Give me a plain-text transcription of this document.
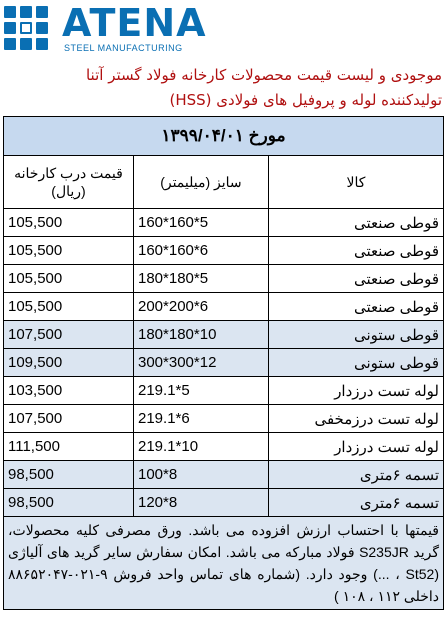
ATENA
STEEL MANUFACTURING
موجودی و لیست قیمت محصولات کارخانه فولاد گستر آتنا
تولیدکننده لوله و پروفیل های فولادی (HSS)
مورخ ۱۳۹۹/۰۴/۰۱		
کالا	سایز (میلیمتر)	قیمت درب کارخانه
(ریال)

قوطی صنعتی	160*160*5	105,500
قوطی صنعتی	160*160*6	105,500
قوطی صنعتی	180*180*5	105,500
قوطی صنعتی	200*200*6	105,500
قوطی ستونی	180*180*10	107,500
قوطی ستونی	300*300*12	109,500
لوله تست درزدار	219.1*5	103,500
لوله تست درزمخفی	219.1*6	107,500
لوله تست درزدار	219.1*10	111,500
تسمه ۶متری	100*8	98,500
تسمه ۶متری	120*8	98,500
قیمتها با احتساب ارزش افزوده می باشد. ورق مصرفی کلیه محصولات، گرید S235JR فولاد مبارکه می باشد. امکان سفارش سایر گرید های آلیاژی (St52 ، ...) وجود دارد. (شماره های تماس واحد فروش ۹-۰۲۱-۸۸۶۵۲۰۴۷ داخلی ۱۱۲ ، ۱۰۸ )		
